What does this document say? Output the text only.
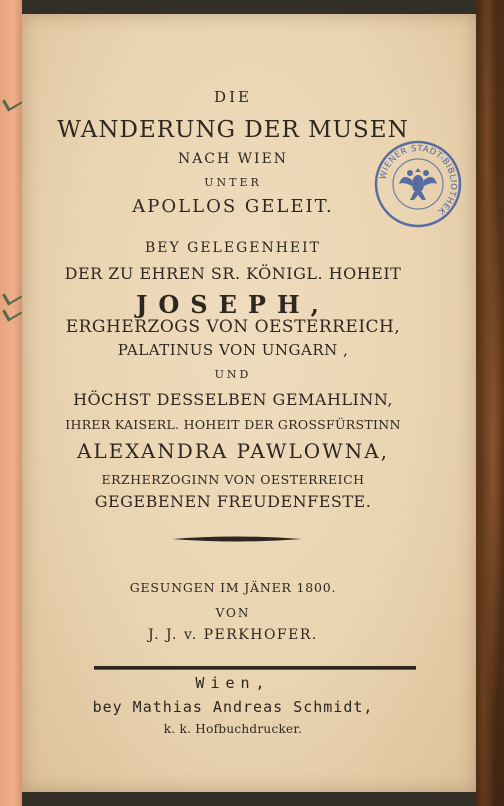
DIE
WANDERUNG DER MUSEN
NACH WIEN
UNTER
APOLLOS GELEIT.
BEY GELEGENHEIT
DER ZU EHREN SR. KÖNIGL. HOHEIT
JOSEPH,
ERGHERZOGS VON OESTERREICH,
PALATINUS VON UNGARN ,
UND
HÖCHST DESSELBEN GEMAHLINN,
IHRER KAISERL. HOHEIT DER GROSSFÜRSTINN
ALEXANDRA PAWLOWNA,
ERZHERZOGINN VON OESTERREICH
GEGEBENEN FREUDENFESTE.
GESUNGEN IM JÄNER 1800.
VON
J. J. v. PERKHOFER.
Wien,
bey Mathias Andreas Schmidt,
k. k. Hofbuchdrucker.
WIENER STADT-BIBLIOTHEK
